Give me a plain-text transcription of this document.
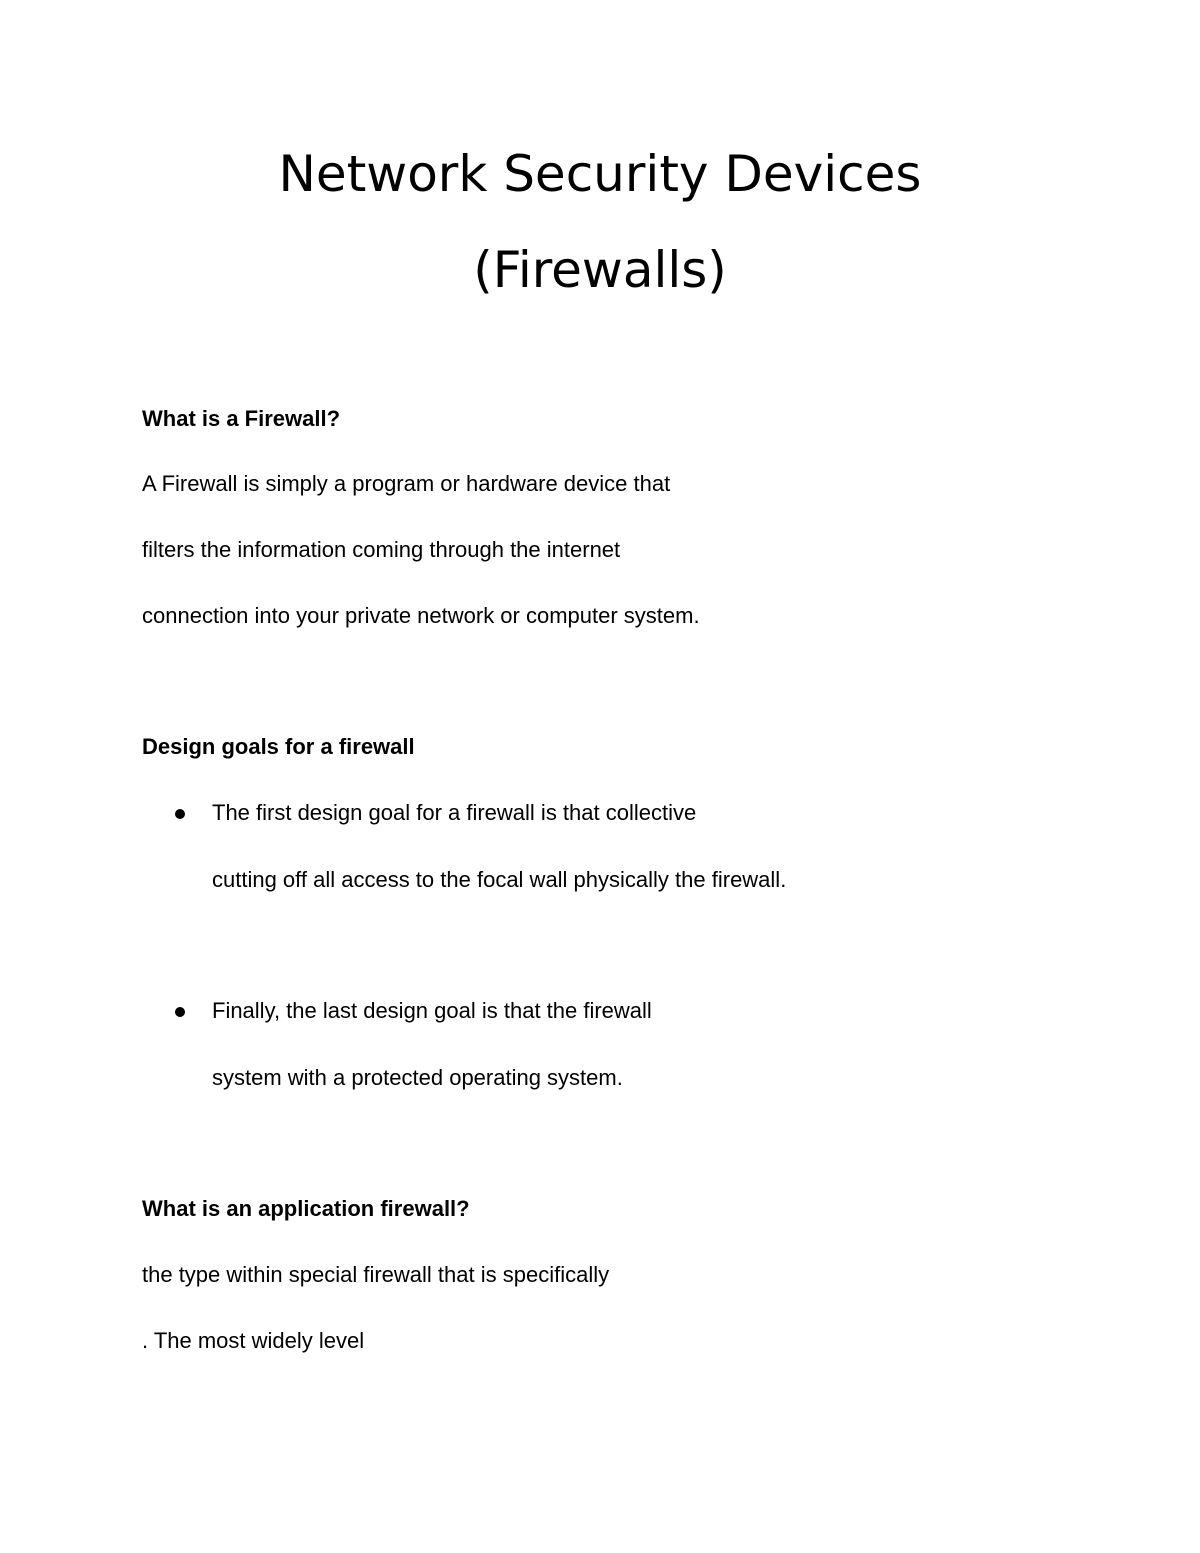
Network Security Devices
(Firewalls)

What is a Firewall?

A Firewall is simply a program or hardware device that

filters the information coming through the internet

connection into your private network or computer system.

Design goals for a firewall

The first design goal for a firewall is that collective

cutting off all access to the focal wall physically the firewall.

Finally, the last design goal is that the firewall

system with a protected operating system.

What is an application firewall?

the type within special firewall that is specifically

. The most widely level
